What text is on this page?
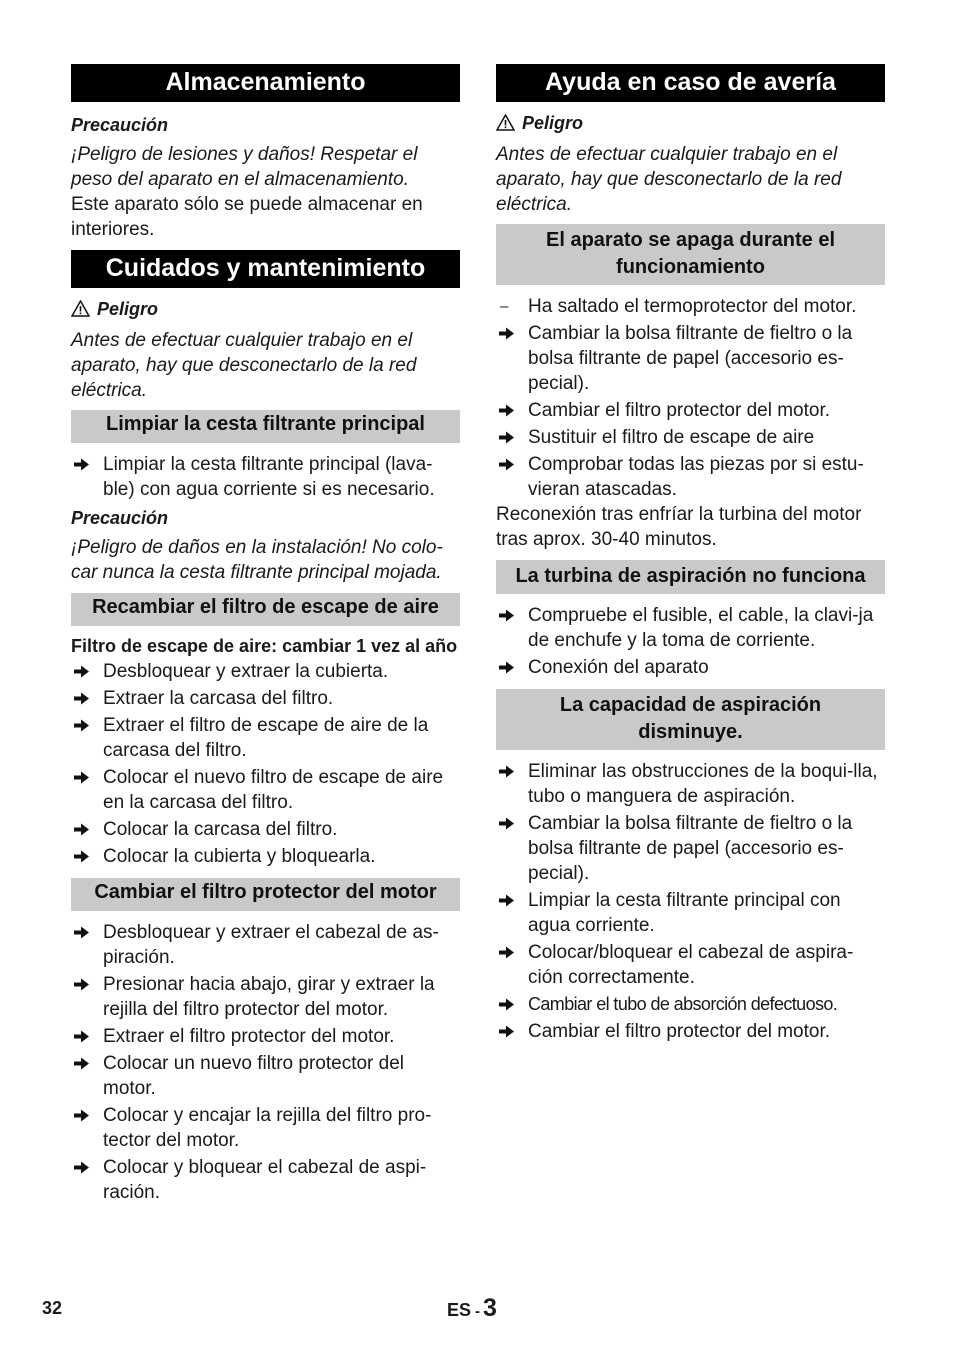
Almacenamiento
Precaución
¡Peligro de lesiones y daños! Respetar el peso del aparato en el almacenamiento.
Este aparato sólo se puede almacenar en interiores.
Cuidados y mantenimiento
Peligro
Antes de efectuar cualquier trabajo en el aparato, hay que desconectarlo de la red eléctrica.
Limpiar la cesta filtrante principal
Limpiar la cesta filtrante principal (lava-ble) con agua corriente si es necesario.
Precaución
¡Peligro de daños en la instalación! No colo-car nunca la cesta filtrante principal mojada.
Recambiar el filtro de escape de aire
Filtro de escape de aire: cambiar 1 vez al año
Desbloquear y extraer la cubierta.
Extraer la carcasa del filtro.
Extraer el filtro de escape de aire de la carcasa del filtro.
Colocar el nuevo filtro de escape de aire en la carcasa del filtro.
Colocar la carcasa del filtro.
Colocar la cubierta y bloquearla.
Cambiar el filtro protector del motor
Desbloquear y extraer el cabezal de as-piración.
Presionar hacia abajo, girar y extraer la rejilla del filtro protector del motor.
Extraer el filtro protector del motor.
Colocar un nuevo filtro protector del motor.
Colocar y encajar la rejilla del filtro pro-tector del motor.
Colocar y bloquear el cabezal de aspi-ración.
Ayuda en caso de avería
Peligro
Antes de efectuar cualquier trabajo en el aparato, hay que desconectarlo de la red eléctrica.
El aparato se apaga durante el funcionamiento
– Ha saltado el termoprotector del motor.
Cambiar la bolsa filtrante de fieltro o la bolsa filtrante de papel (accesorio es-pecial).
Cambiar el filtro protector del motor.
Sustituir el filtro de escape de aire
Comprobar todas las piezas por si estu-vieran atascadas.
Reconexión tras enfríar la turbina del motor tras aprox. 30-40 minutos.
La turbina de aspiración no funciona
Compruebe el fusible, el cable, la clavi-ja de enchufe y la toma de corriente.
Conexión del aparato
La capacidad de aspiración disminuye.
Eliminar las obstrucciones de la boqui-lla, tubo o manguera de aspiración.
Cambiar la bolsa filtrante de fieltro o la bolsa filtrante de papel (accesorio es-pecial).
Limpiar la cesta filtrante principal con agua corriente.
Colocar/bloquear el cabezal de aspira-ción correctamente.
Cambiar el tubo de absorción defectuoso.
Cambiar el filtro protector del motor.
32	ES - 3
